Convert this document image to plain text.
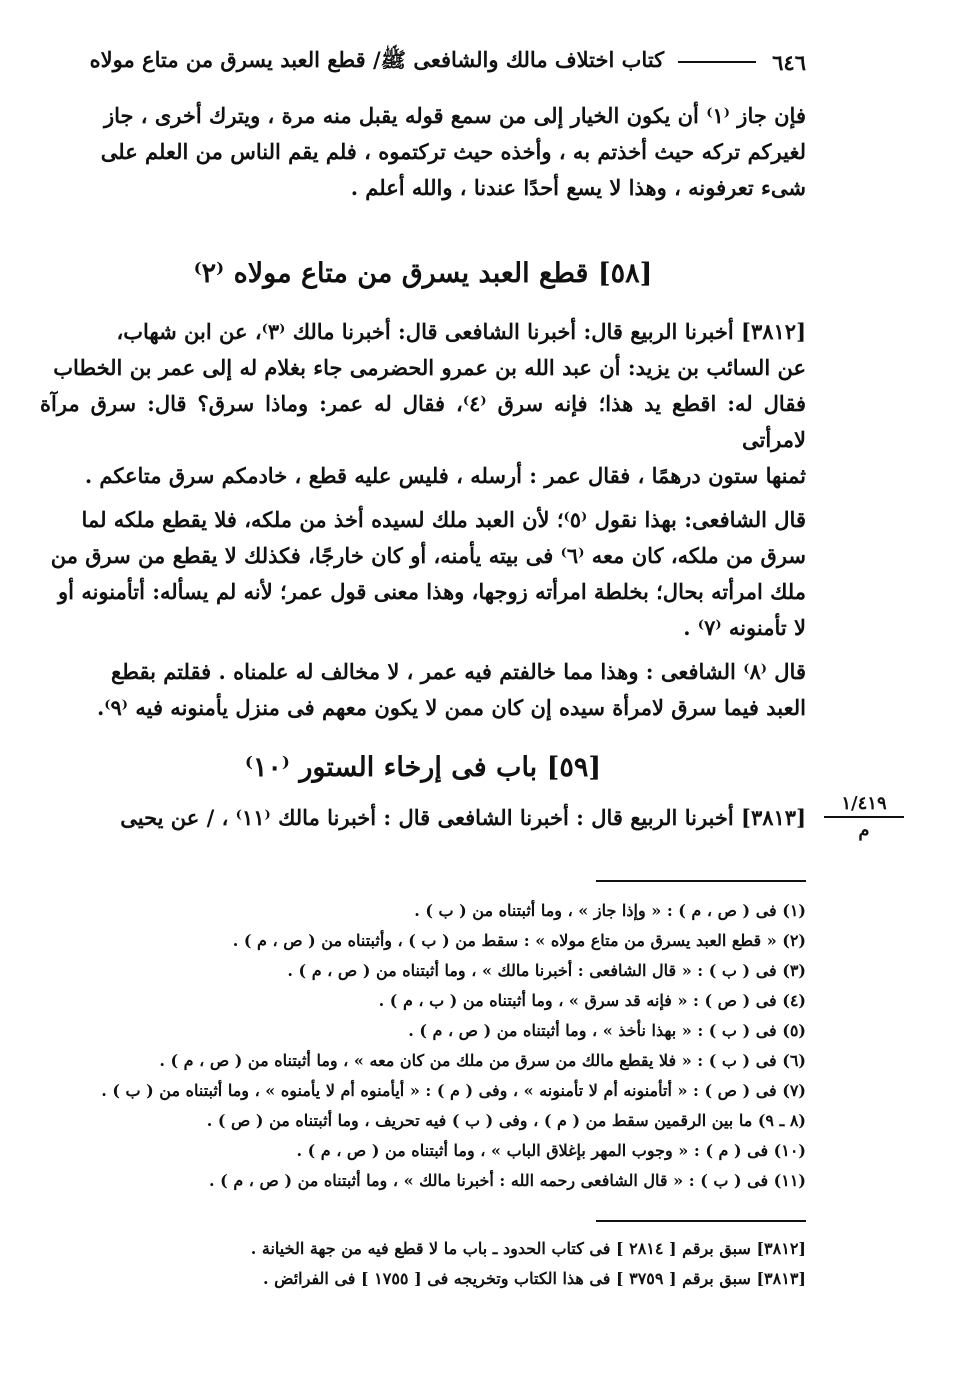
٦٤٦
كتاب اختلاف مالك والشافعى ﷺ/ قطع العبد يسرق من متاع مولاه
فإن جاز ⁽١⁾ أن يكون الخيار إلى من سمع قوله يقبل منه مرة ، ويترك أخرى ، جاز
لغيركم تركه حيث أخذتم به ، وأخذه حيث تركتموه ، فلم يقم الناس من العلم على
شىء تعرفونه ، وهذا لا يسع أحدًا عندنا ، والله أعلم .
[٥٨] قطع العبد يسرق من متاع مولاه ⁽٢⁾
[٣٨١٢] أخبرنا الربيع قال: أخبرنا الشافعى قال: أخبرنا مالك ⁽٣⁾، عن ابن شهاب،
عن السائب بن يزيد: أن عبد الله بن عمرو الحضرمى جاء بغلام له إلى عمر بن الخطاب
فقال له: اقطع يد هذا؛ فإنه سرق ⁽٤⁾، فقال له عمر: وماذا سرق؟ قال: سرق مرآة لامرأتى
ثمنها ستون درهمًا ، فقال عمر : أرسله ، فليس عليه قطع ، خادمكم سرق متاعكم .
قال الشافعى: بهذا نقول ⁽٥⁾؛ لأن العبد ملك لسيده أخذ من ملكه، فلا يقطع ملكه لما
سرق من ملكه، كان معه ⁽٦⁾ فى بيته يأمنه، أو كان خارجًا، فكذلك لا يقطع من سرق من
ملك امرأته بحال؛ بخلطة امرأته زوجها، وهذا معنى قول عمر؛ لأنه لم يسأله: أتأمنونه أو
لا تأمنونه ⁽٧⁾ .
قال ⁽٨⁾ الشافعى : وهذا مما خالفتم فيه عمر ، لا مخالف له علمناه . فقلتم بقطع
العبد فيما سرق لامرأة سيده إن كان ممن لا يكون معهم فى منزل يأمنونه فيه ⁽٩⁾.
[٥٩] باب فى إرخاء الستور ⁽١٠⁾
[٣٨١٣] أخبرنا الربيع قال : أخبرنا الشافعى قال : أخبرنا مالك ⁽١١⁾ ، / عن يحيى
١/٤١٩
م
(١) فى ( ص ، م ) : « وإذا جاز » ، وما أثبتناه من ( ب ) .
(٢) « قطع العبد يسرق من متاع مولاه » : سقط من ( ب ) ، وأثبتناه من ( ص ، م ) .
(٣) فى ( ب ) : « قال الشافعى : أخبرنا مالك » ، وما أثبتناه من ( ص ، م ) .
(٤) فى ( ص ) : « فإنه قد سرق » ، وما أثبتناه من ( ب ، م ) .
(٥) فى ( ب ) : « بهذا نأخذ » ، وما أثبتناه من ( ص ، م ) .
(٦) فى ( ب ) : « فلا يقطع مالك من سرق من ملك من كان معه » ، وما أثبتناه من ( ص ، م ) .
(٧) فى ( ص ) : « أتأمنونه أم لا تأمنونه » ، وفى ( م ) : « أيأمنوه أم لا يأمنوه » ، وما أثبتناه من ( ب ) .
(٨ ـ ٩) ما بين الرقمين سقط من ( م ) ، وفى ( ب ) فيه تحريف ، وما أثبتناه من ( ص ) .
(١٠) فى ( م ) : « وجوب المهر بإغلاق الباب » ، وما أثبتناه من ( ص ، م ) .
(١١) فى ( ب ) : « قال الشافعى رحمه الله : أخبرنا مالك » ، وما أثبتناه من ( ص ، م ) .
[٣٨١٢] سبق برقم [ ٢٨١٤ ] فى كتاب الحدود ـ باب ما لا قطع فيه من جهة الخيانة .
[٣٨١٣] سبق برقم [ ٣٧٥٩ ] فى هذا الكتاب وتخريجه فى [ ١٧٥٥ ] فى الفرائض .
